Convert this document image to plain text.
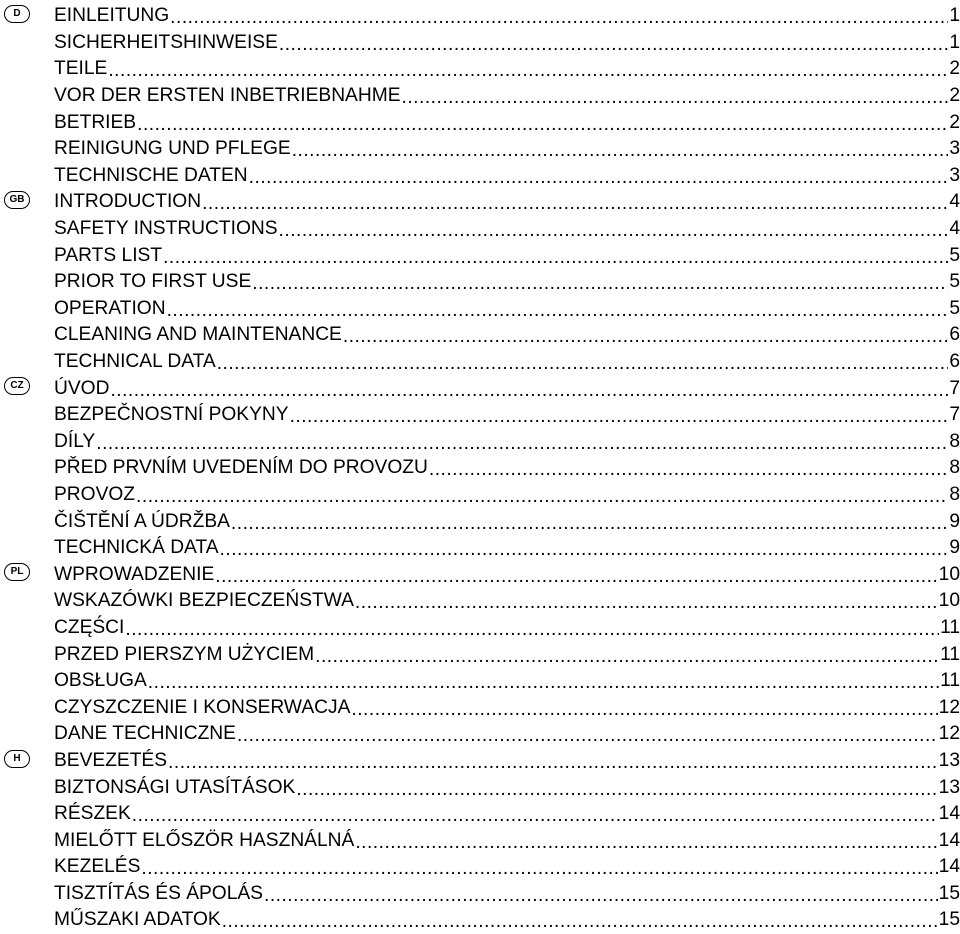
D	EINLEITUNG .....	1
SICHERHEITSHINWEISE .....	1
TEILE .....	2
VOR DER ERSTEN INBETRIEBNAHME .....	2
BETRIEB .....	2
REINIGUNG UND PFLEGE .....	3
TECHNISCHE DATEN .....	3
GB INTRODUCTION .....	4
SAFETY INSTRUCTIONS .....	4
PARTS LIST .....	5
PRIOR TO FIRST USE .....	5
OPERATION .....	5
CLEANING AND MAINTENANCE .....	6
TECHNICAL DATA .....	6
CZ	ÚVOD .....	7
BEZPEČNOSTNÍ POKYNY .....	7
DÍLY .....	8
PŘED PRVNÍM UVEDENÍM DO PROVOZU .....	8
PROVOZ .....	8
ČIŠTĚNÍ A ÚDRŽBA .....	9
TECHNICKÁ DATA .....	9
PL	WPROWADZENIE .....	10
WSKAZÓWKI BEZPIECZEŃSTWA .....	10
CZĘŚCI .....	11
PRZED PIERSZYM UŻYCIEM .....	11
OBSŁUGA .....	11
CZYSZCZENIE I KONSERWACJA .....	12
DANE TECHNICZNE .....	12
H	BEVEZETÉS .....	13
BIZTONSÁGI UTASÍTÁSOK .....	13
RÉSZEK .....	14
MIELŐTT ELŐSZÖR HASZNÁLNÁ .....	14
KEZELÉS .....	14
TISZTÍTÁS ÉS ÁPOLÁS .....	15
MŰSZAKI ADATOK .....	15
